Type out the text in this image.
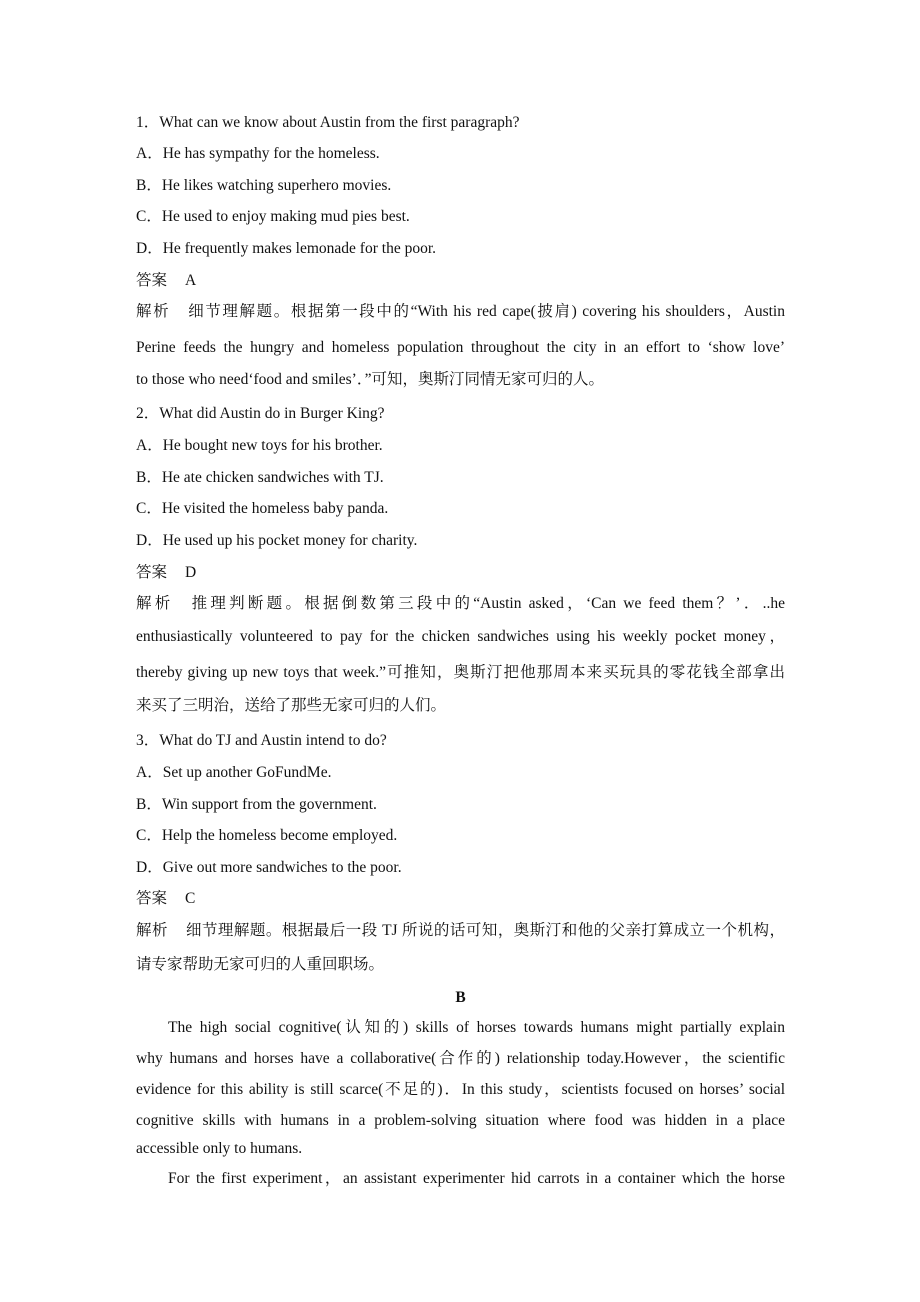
1．What can we know about Austin from the first paragraph?
A．He has sympathy for the homeless.
B．He likes watching superhero movies.
C．He used to enjoy making mud pies best.
D．He frequently makes lemonade for the poor.
答案 A
解析 细节理解题。根据第一段中的“With his red cape(披肩) covering his shoulders，Austin
Perine feeds the hungry and homeless population throughout the city in an effort to ‘show love’
to those who need‘food and smiles’．”可知，奥斯汀同情无家可归的人。
2．What did Austin do in Burger King?
A．He bought new toys for his brother.
B．He ate chicken sandwiches with TJ.
C．He visited the homeless baby panda.
D．He used up his pocket money for charity.
答案 D
解析 推理判断题。根据倒数第三段中的“Austin asked，‘Can we feed them？’．..he
enthusiastically volunteered to pay for the chicken sandwiches using his weekly pocket money，
thereby giving up new toys that week.”可推知，奥斯汀把他那周本来买玩具的零花钱全部拿出
来买了三明治，送给了那些无家可归的人们。
3．What do TJ and Austin intend to do?
A．Set up another GoFundMe.
B．Win support from the government.
C．Help the homeless become employed.
D．Give out more sandwiches to the poor.
答案 C
解析 细节理解题。根据最后一段 TJ 所说的话可知，奥斯汀和他的父亲打算成立一个机构，
请专家帮助无家可归的人重回职场。
B
The high social cognitive(认知的) skills of horses towards humans might partially explain
why humans and horses have a collaborative(合作的) relationship today.However，the scientific
evidence for this ability is still scarce(不足的)．In this study，scientists focused on horses’ social
cognitive skills with humans in a problem-solving situation where food was hidden in a place
accessible only to humans.
For the first experiment，an assistant experimenter hid carrots in a container which the horse
